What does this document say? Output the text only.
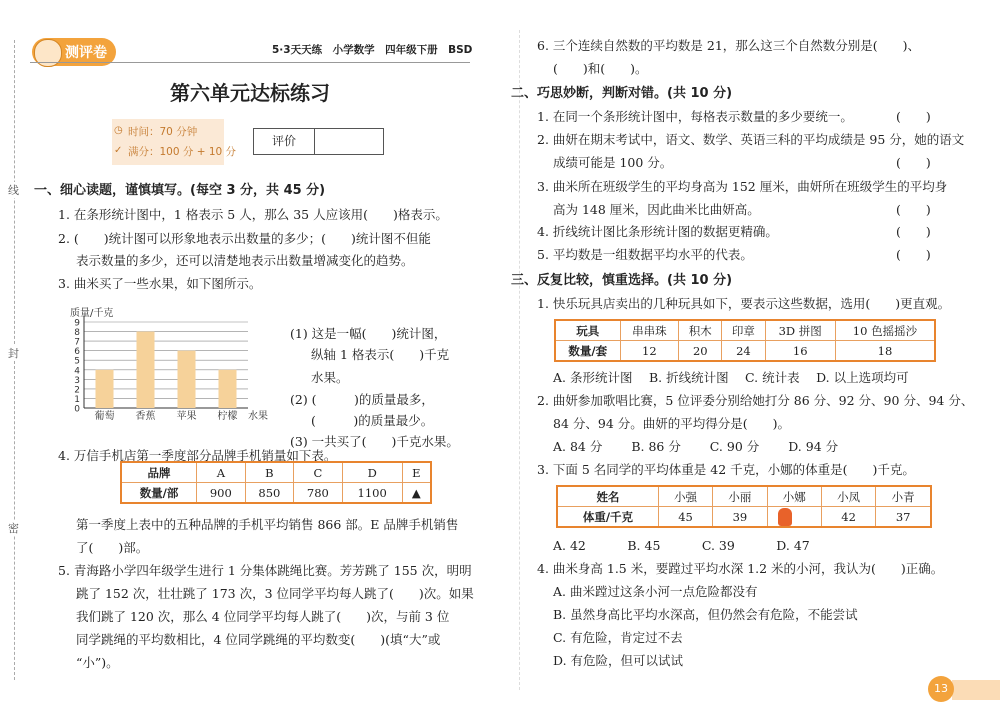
线
封
密
测评卷	5·3天天练　小学数学　四年级下册　BSD
第六单元达标练习
◷ 时间：70 分钟
✓ 满分：100 分 + 10 分
评价
一、细心读题，谨慎填写。(每空 3 分，共 45 分)
1. 在条形统计图中，1 格表示 5 人，那么 35 人应该用(　　)格表示。
2. (　　)统计图可以形象地表示出数量的多少；(　　)统计图不但能
表示数量的多少，还可以清楚地表示出数量增减变化的趋势。
3. 曲米买了一些水果，如下图所示。
质量/千克
0
1
2
3
4
5
6
7
8
9
葡萄 香蕉 苹果 柠檬 水果
(1) 这是一幅(　　)统计图，
纵轴 1 格表示(　　)千克
水果。
(2) (　　　)的质量最多，
(　　　)的质量最少。
(3) 一共买了(　　)千克水果。
4. 万信手机店第一季度部分品牌手机销量如下表。
品牌	A	B	C	D	E
数量/部	900	850	780	1100	▲
第一季度上表中的五种品牌的手机平均销售 866 部。E 品牌手机销售
了(　　)部。
5. 青海路小学四年级学生进行 1 分集体跳绳比赛。芳芳跳了 155 次，明明
跳了 152 次，壮壮跳了 173 次，3 位同学平均每人跳了(　　)次。如果
我们跳了 120 次，那么 4 位同学平均每人跳了(　　)次，与前 3 位
同学跳绳的平均数相比，4 位同学跳绳的平均数变(　　)(填“大”或
“小”)。
6. 三个连续自然数的平均数是 21，那么这三个自然数分别是(　　)、
(　　)和(　　)。
二、巧思妙断，判断对错。(共 10 分)
1. 在同一个条形统计图中，每格表示数量的多少要统一。	(　　)
2. 曲妍在期末考试中，语文、数学、英语三科的平均成绩是 95 分，她的语文
成绩可能是 100 分。	(　　)
3. 曲米所在班级学生的平均身高为 152 厘米，曲妍所在班级学生的平均身
高为 148 厘米，因此曲米比曲妍高。	(　　)
4. 折线统计图比条形统计图的数据更精确。	(　　)
5. 平均数是一组数据平均水平的代表。	(　　)
三、反复比较，慎重选择。(共 10 分)
1. 快乐玩具店卖出的几种玩具如下，要表示这些数据，选用(　　)更直观。
玩具	串串珠	积木	印章	3D 拼图	10 色摇摇沙
数量/套	12	20	24	16	18
A. 条形统计图　 B. 折线统计图　 C. 统计表　 D. 以上选项均可
2. 曲妍参加歌唱比赛，5 位评委分别给她打分 86 分、92 分、90 分、94 分、
84 分、94 分。曲妍的平均得分是(　　)。
A. 84 分　　 B. 86 分　　 C. 90 分　　 D. 94 分
3. 下面 5 名同学的平均体重是 42 千克，小娜的体重是(　　)千克。
姓名	小强	小丽	小娜	小凤	小青
体重/千克	45	39		42	37
A. 42　　　 B. 45　　　 C. 39　　　 D. 47
4. 曲米身高 1.5 米，要蹚过平均水深 1.2 米的小河，我认为(　　)正确。
A. 曲米蹚过这条小河一点危险都没有
B. 虽然身高比平均水深高，但仍然会有危险，不能尝试
C. 有危险，肯定过不去
D. 有危险，但可以试试
13
